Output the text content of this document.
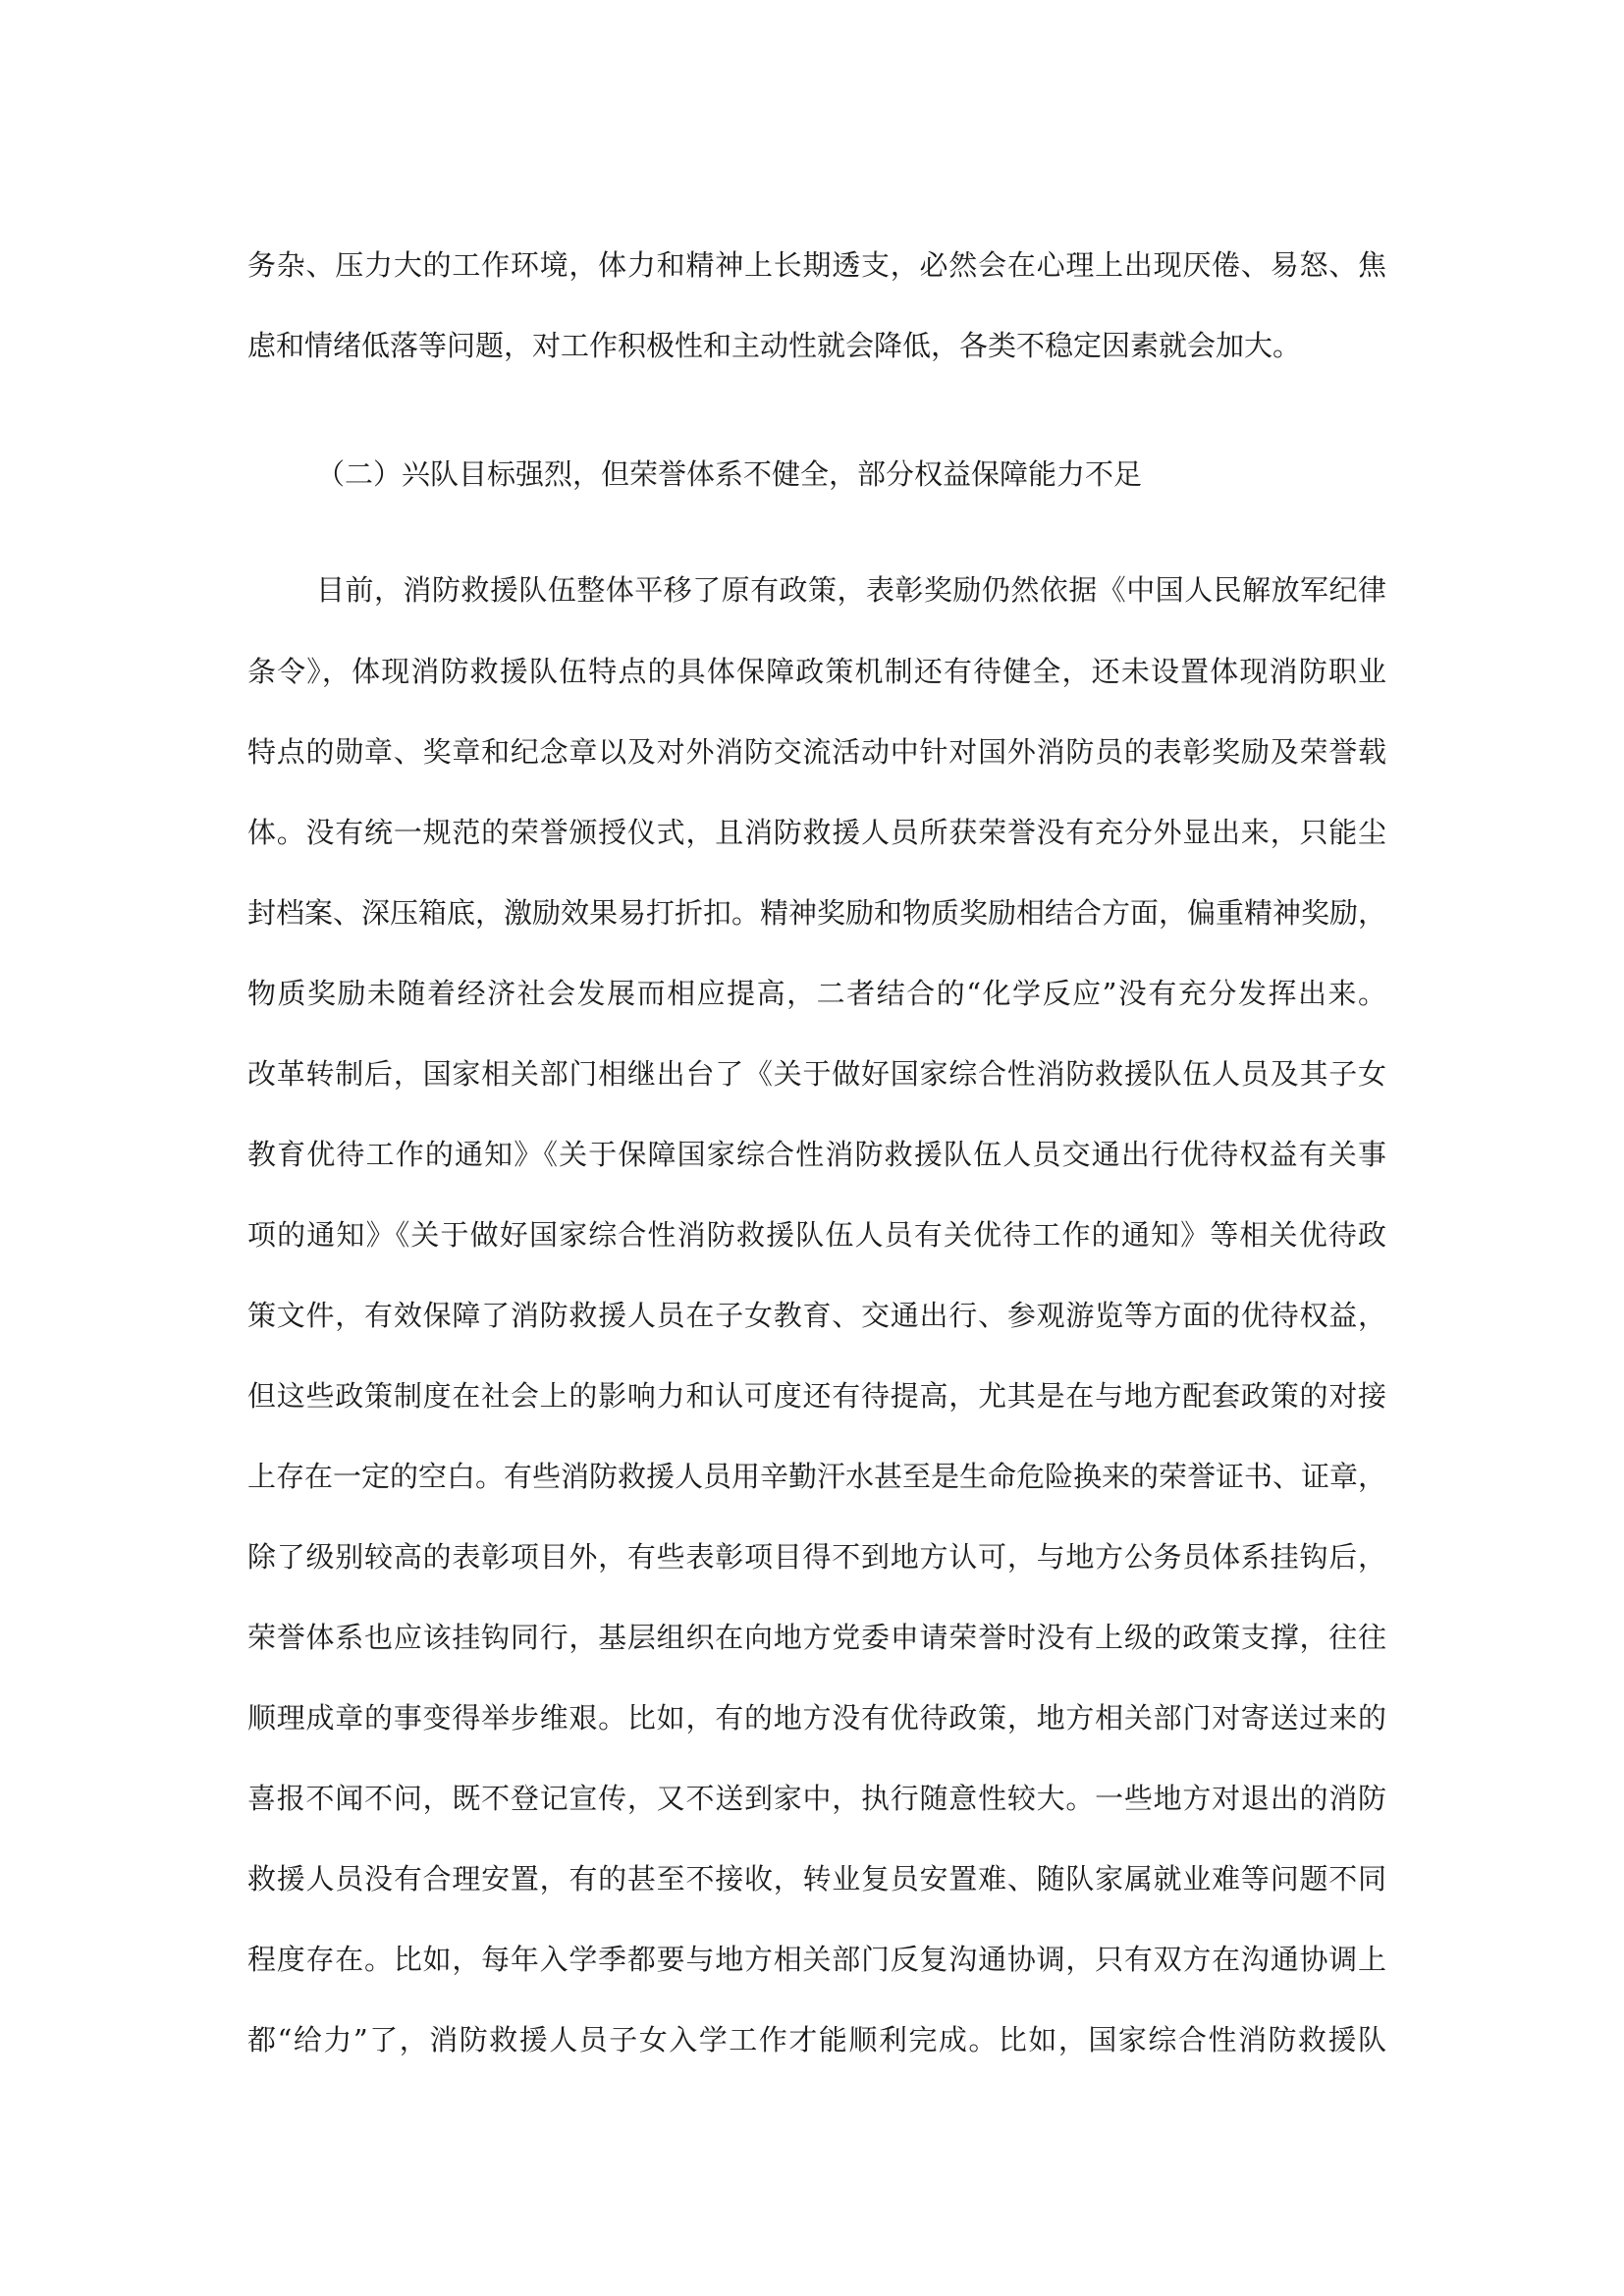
务杂、压力大的工作环境，体力和精神上长期透支，必然会在心理上出现厌倦、易怒、焦
虑和情绪低落等问题，对工作积极性和主动性就会降低，各类不稳定因素就会加大。
（二）兴队目标强烈，但荣誉体系不健全，部分权益保障能力不足
目前，消防救援队伍整体平移了原有政策，表彰奖励仍然依据《中国人民解放军纪律
条令》，体现消防救援队伍特点的具体保障政策机制还有待健全，还未设置体现消防职业
特点的勋章、奖章和纪念章以及对外消防交流活动中针对国外消防员的表彰奖励及荣誉载
体。没有统一规范的荣誉颁授仪式，且消防救援人员所获荣誉没有充分外显出来，只能尘
封档案、深压箱底，激励效果易打折扣。精神奖励和物质奖励相结合方面，偏重精神奖励，
物质奖励未随着经济社会发展而相应提高，二者结合的“化学反应”没有充分发挥出来。
改革转制后，国家相关部门相继出台了《关于做好国家综合性消防救援队伍人员及其子女
教育优待工作的通知》《关于保障国家综合性消防救援队伍人员交通出行优待权益有关事
项的通知》《关于做好国家综合性消防救援队伍人员有关优待工作的通知》等相关优待政
策文件，有效保障了消防救援人员在子女教育、交通出行、参观游览等方面的优待权益，
但这些政策制度在社会上的影响力和认可度还有待提高，尤其是在与地方配套政策的对接
上存在一定的空白。有些消防救援人员用辛勤汗水甚至是生命危险换来的荣誉证书、证章，
除了级别较高的表彰项目外，有些表彰项目得不到地方认可，与地方公务员体系挂钩后，
荣誉体系也应该挂钩同行，基层组织在向地方党委申请荣誉时没有上级的政策支撑，往往
顺理成章的事变得举步维艰。比如，有的地方没有优待政策，地方相关部门对寄送过来的
喜报不闻不问，既不登记宣传，又不送到家中，执行随意性较大。一些地方对退出的消防
救援人员没有合理安置，有的甚至不接收，转业复员安置难、随队家属就业难等问题不同
程度存在。比如，每年入学季都要与地方相关部门反复沟通协调，只有双方在沟通协调上
都“给力”了，消防救援人员子女入学工作才能顺利完成。比如，国家综合性消防救援队
